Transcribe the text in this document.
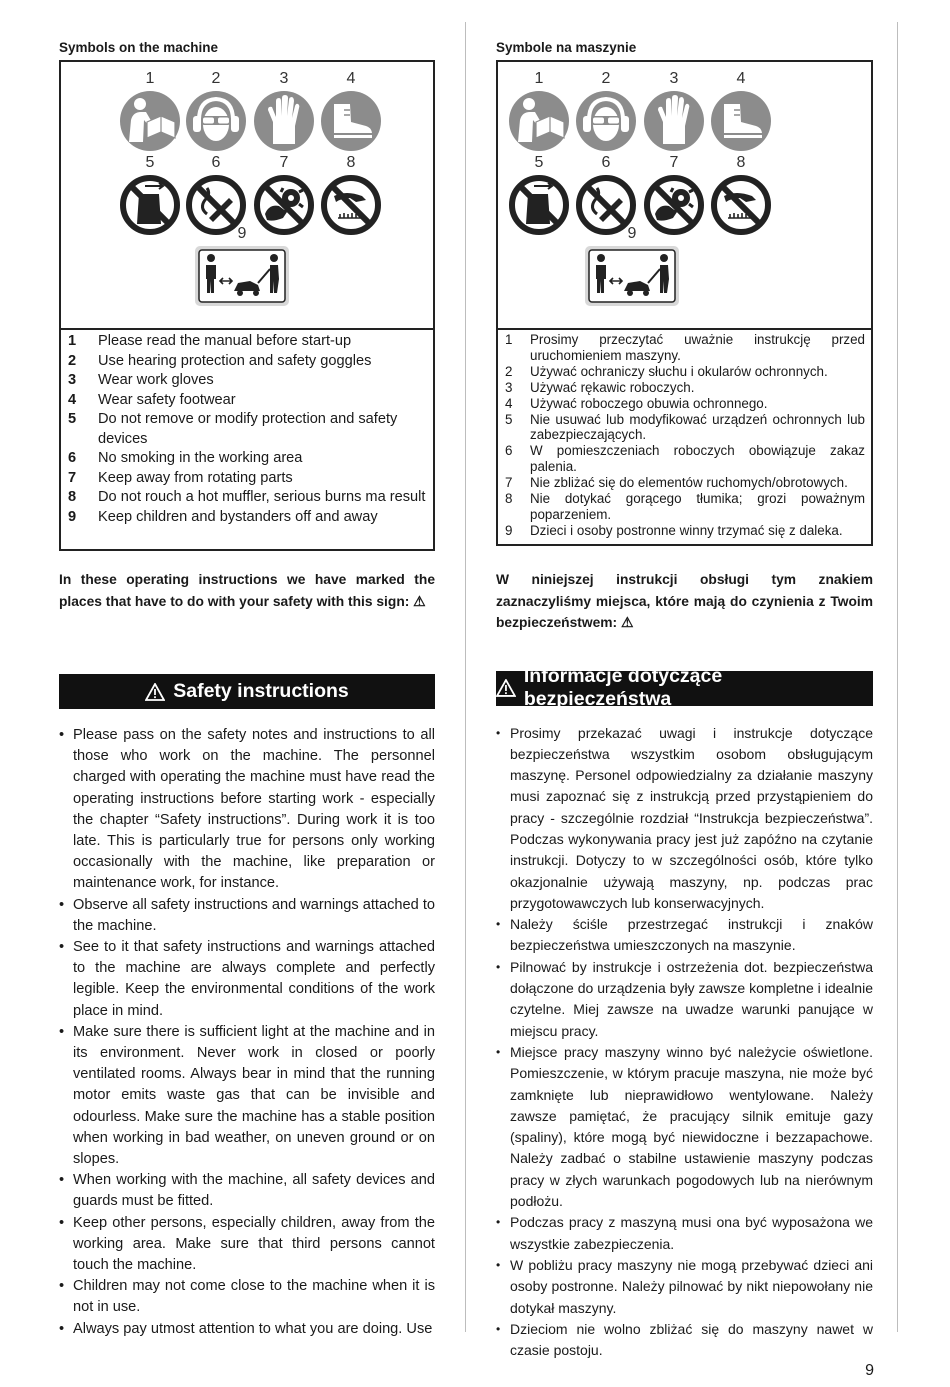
Symbols on the machine
1	2	3	4
5	6	7	8
9
1	Please read the manual before start-up
2	Use hearing protection and safety goggles
3	Wear work gloves
4	Wear safety footwear
5	Do not remove or modify protection and safety devices
6	No smoking in the working area
7	Keep away from rotating parts
8	Do not rouch a hot muffler, serious burns ma result
9	Keep children and bystanders off and away

In these operating instructions we have marked the places that have to do with your safety with this sign: ⚠

Safety instructions
• Please pass on the safety notes and instructions to all those who work on the machine. The personnel charged with operating the machine must have read the operating instructions before starting work - especially the chapter “Safety instructions”. During work it is too late. This is particularly true for persons only working occasionally with the machine, like preparation or maintenance work, for instance.
• Observe all safety instructions and warnings attached to the machine.
• See to it that safety instructions and warnings attached to the machine are always complete and perfectly legible. Keep the environmental conditions of the work place in mind.
• Make sure there is sufficient light at the machine and in its environment. Never work in closed or poorly ventilated rooms. Always bear in mind that the running motor emits waste gas that can be invisible and odourless. Make sure the machine has a stable position when working in bad weather, on uneven ground or on slopes.
• When working with the machine, all safety devices and guards must be fitted.
• Keep other persons, especially children, away from the working area. Make sure that third persons cannot touch the machine.
• Children may not come close to the machine when it is not in use.
• Always pay utmost attention to what you are doing. Use
Symbole na maszynie
1	2	3	4
5	6	7	8
9
1	Prosimy przeczytać uważnie instrukcję przed uruchomieniem maszyny.
2	Używać ochraniczy słuchu i okularów ochronnych.
3	Używać rękawic roboczych.
4	Używać roboczego obuwia ochronnego.
5	Nie usuwać lub modyfikować urządzeń ochronnych lub zabezpieczających.
6	W pomieszczeniach roboczych obowiązuje zakaz palenia.
7	Nie zbliżać się do elementów ruchomych/obrotowych.
8	Nie dotykać gorącego tłumika; grozi poważnym poparzeniem.
9	Dzieci i osoby postronne winny trzymać się z daleka.

W niniejszej instrukcji obsługi tym znakiem zaznaczyliśmy miejsca, które mają do czynienia z Twoim bezpieczeństwem: ⚠

Informacje dotyczące bezpieczeństwa
• Prosimy przekazać uwagi i instrukcje dotyczące bezpieczeństwa wszystkim osobom obsługującym maszynę. Personel odpowiedzialny za działanie maszyny musi zapoznać się z instrukcją przed przystąpieniem do pracy - szczególnie rozdział “Instrukcja bezpieczeństwa”. Podczas wykonywania pracy jest już zapóźno na czytanie instrukcji. Dotyczy to w szczególności osób, które tylko okazjonalnie używają maszyny, np. podczas prac przygotowawczych lub konserwacyjnych.
• Należy ściśle przestrzegać instrukcji i znaków bezpieczeństwa umieszczonych na maszynie.
• Pilnować by instrukcje i ostrzeżenia dot. bezpieczeństwa dołączone do urządzenia były zawsze kompletne i idealnie czytelne. Miej zawsze na uwadze warunki panujące w miejscu pracy.
• Miejsce pracy maszyny winno być należycie oświetlone. Pomieszczenie, w którym pracuje maszyna, nie może być zamknięte lub nieprawidłowo wentylowane. Należy zawsze pamiętać, że pracujący silnik emituje gazy (spaliny), które mogą być niewidoczne i bezzapachowe. Należy zadbać o stabilne ustawienie maszyny podczas pracy w złych warunkach pogodowych lub na nierównym podłożu.
• Podczas pracy z maszyną musi ona być wyposażona we wszystkie zabezpieczenia.
• W pobliżu pracy maszyny nie mogą przebywać dzieci ani osoby postronne. Należy pilnować by nikt niepowołany nie dotykał maszyny.
• Dzieciom nie wolno zbliżać się do maszyny nawet w czasie postoju.
9
